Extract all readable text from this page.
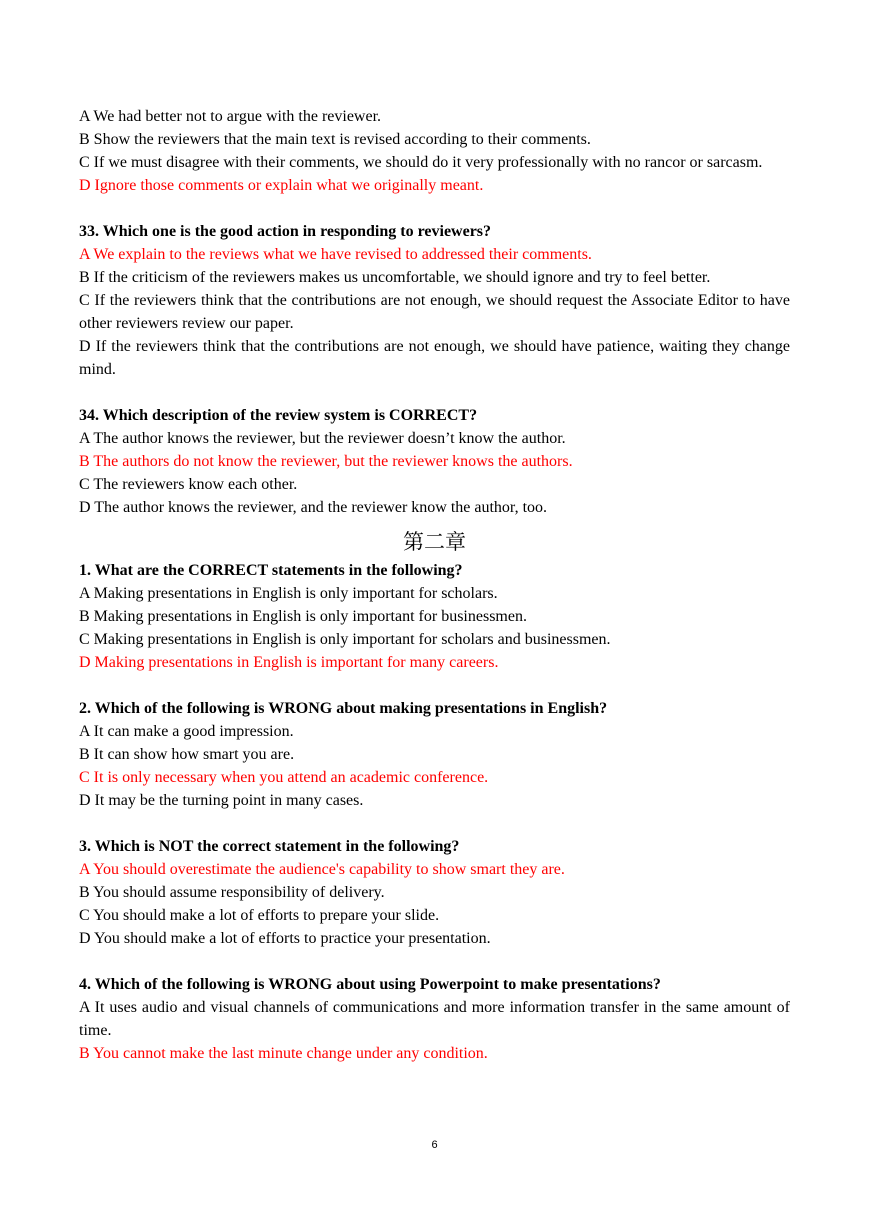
A We had better not to argue with the reviewer.

B Show the reviewers that the main text is revised according to their comments.

C If we must disagree with their comments, we should do it very professionally with no rancor or sarcasm.

D Ignore those comments or explain what we originally meant.

33. Which one is the good action in responding to reviewers?

A We explain to the reviews what we have revised to addressed their comments.

B If the criticism of the reviewers makes us uncomfortable, we should ignore and try to feel better.

C If the reviewers think that the contributions are not enough, we should request the Associate Editor to have other reviewers review our paper.

D If the reviewers think that the contributions are not enough, we should have patience, waiting they change mind.

34. Which description of the review system is CORRECT?

A The author knows the reviewer, but the reviewer doesn’t know the author.

B The authors do not know the reviewer, but the reviewer knows the authors.

C The reviewers know each other.

D The author knows the reviewer, and the reviewer know the author, too.

第二章

1. What are the CORRECT statements in the following?

A Making presentations in English is only important for scholars.

B Making presentations in English is only important for businessmen.

C Making presentations in English is only important for scholars and businessmen.

D Making presentations in English is important for many careers.

2. Which of the following is WRONG about making presentations in English?

A It can make a good impression.

B It can show how smart you are.

C It is only necessary when you attend an academic conference.

D It may be the turning point in many cases.

3. Which is NOT the correct statement in the following?

A You should overestimate the audience's capability to show smart they are.

B You should assume responsibility of delivery.

C You should make a lot of efforts to prepare your slide.

D You should make a lot of efforts to practice your presentation.

4. Which of the following is WRONG about using Powerpoint to make presentations?

A It uses audio and visual channels of communications and more information transfer in the same amount of time.

B You cannot make the last minute change under any condition.

6
